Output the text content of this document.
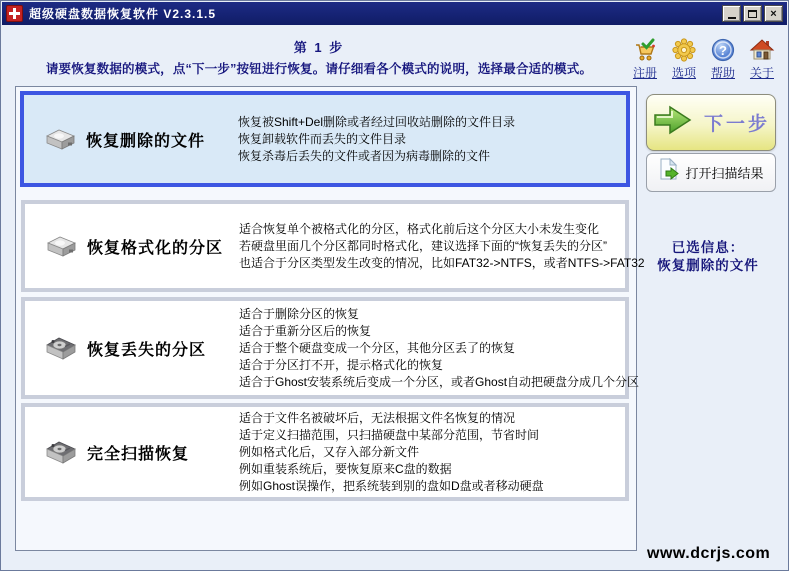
超级硬盘数据恢复软件 V2.3.1.5	×
第 1 步
请要恢复数据的模式，点“下一步”按钮进行恢复。请仔细看各个模式的说明，选择最合适的模式。	注册 选项
?
帮助 关于
恢复删除的文件
恢复被Shift+Del删除或者经过回收站删除的文件目录
恢复卸载软件而丢失的文件目录
恢复杀毒后丢失的文件或者因为病毒删除的文件
恢复格式化的分区
适合恢复单个被格式化的分区，格式化前后这个分区大小未发生变化
若硬盘里面几个分区都同时格式化，建议选择下面的“恢复丢失的分区”
也适合于分区类型发生改变的情况，比如FAT32->NTFS，或者NTFS->FAT32
恢复丢失的分区
适合于删除分区的恢复
适合于重新分区后的恢复
适合于整个硬盘变成一个分区，其他分区丢了的恢复
适合于分区打不开，提示格式化的恢复
适合于Ghost安装系统后变成一个分区，或者Ghost自动把硬盘分成几个分区
完全扫描恢复
适合于文件名被破坏后，无法根据文件名恢复的情况
适于定义扫描范围，只扫描硬盘中某部分范围，节省时间
例如格式化后，又存入部分新文件
例如重装系统后，要恢复原来C盘的数据
例如Ghost误操作，把系统装到别的盘如D盘或者移动硬盘
下一步
打开扫描结果
已选信息：
恢复删除的文件
www.dcrjs.com
